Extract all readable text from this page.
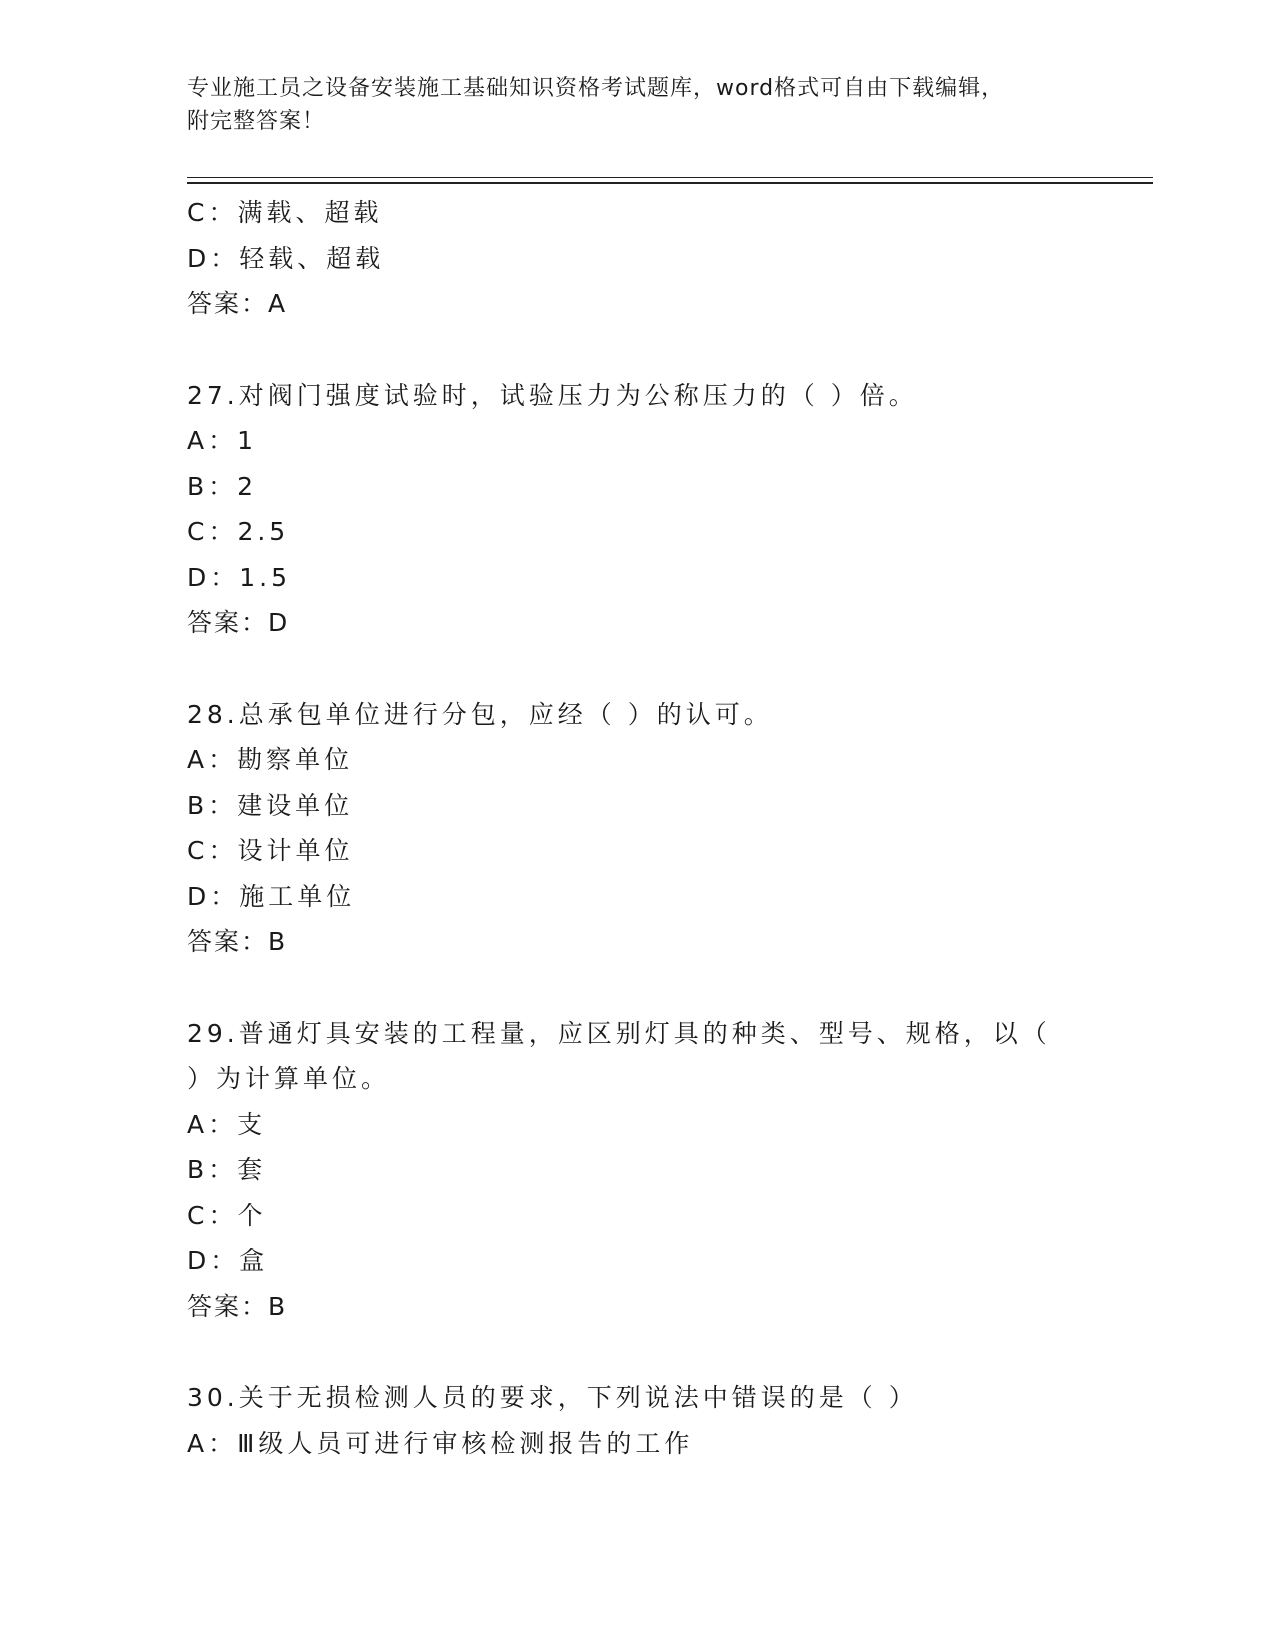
专业施工员之设备安装施工基础知识资格考试题库，word格式可自由下载编辑，
附完整答案！
C：满载、超载
D：轻载、超载
答案：A
27.对阀门强度试验时，试验压力为公称压力的（ ）倍。
A：1
B：2
C：2.5
D：1.5
答案：D
28.总承包单位进行分包，应经（ ）的认可。
A：勘察单位
B：建设单位
C：设计单位
D：施工单位
答案：B
29.普通灯具安装的工程量，应区别灯具的种类、型号、规格，以（ ）为计算单位。
A：支
B：套
C：个
D：盒
答案：B
30.关于无损检测人员的要求，下列说法中错误的是（ ）
A：Ⅲ级人员可进行审核检测报告的工作
